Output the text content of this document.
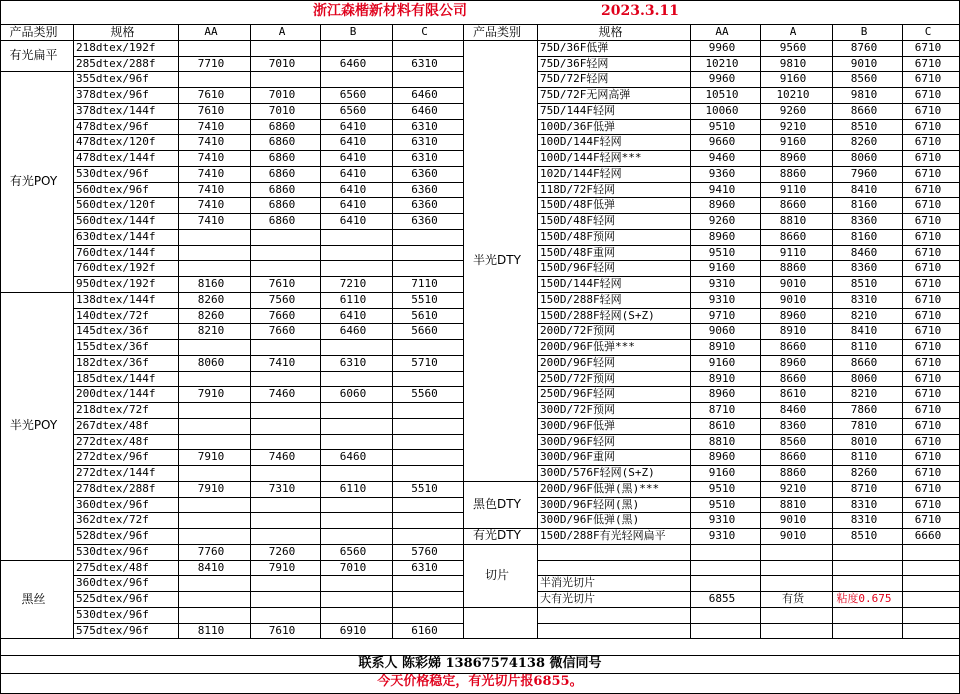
浙江森楷新材料有限公司	2023.3.11
联系人 陈彩娣 13867574138 微信同号
今天价格稳定，有光切片报6855。
产品类别	规格	AA	A	B	C	产品类别	规格	AA	A	B	C
218dtex/192f
285dtex/288f	7710	7010	6460	6310
有光扁平
355dtex/96f
378dtex/96f	7610	7010	6560	6460
378dtex/144f	7610	7010	6560	6460
478dtex/96f	7410	6860	6410	6310
478dtex/120f	7410	6860	6410	6310
478dtex/144f	7410	6860	6410	6310
530dtex/96f	7410	6860	6410	6360
560dtex/96f	7410	6860	6410	6360
560dtex/120f	7410	6860	6410	6360
560dtex/144f	7410	6860	6410	6360
630dtex/144f
760dtex/144f
760dtex/192f
950dtex/192f	8160	7610	7210	7110
有光POY
138dtex/144f	8260	7560	6110	5510
140dtex/72f	8260	7660	6410	5610
145dtex/36f	8210	7660	6460	5660
155dtex/36f
182dtex/36f	8060	7410	6310	5710
185dtex/144f
200dtex/144f	7910	7460	6060	5560
218dtex/72f
267dtex/48f
272dtex/48f
272dtex/96f	7910	7460	6460
272dtex/144f
278dtex/288f	7910	7310	6110	5510
360dtex/96f
362dtex/72f
528dtex/96f
530dtex/96f	7760	7260	6560	5760
半光POY
275dtex/48f	8410	7910	7010	6310
360dtex/96f
525dtex/96f
530dtex/96f
575dtex/96f	8110	7610	6910	6160
黑丝
75D/36F低弹	9960	9560	8760	6710
75D/36F轻网	10210	9810	9010	6710
75D/72F轻网	9960	9160	8560	6710
75D/72F无网高弹	10510	10210	9810	6710
75D/144F轻网	10060	9260	8660	6710
100D/36F低弹	9510	9210	8510	6710
100D/144F轻网	9660	9160	8260	6710
100D/144F轻网***	9460	8960	8060	6710
102D/144F轻网	9360	8860	7960	6710
118D/72F轻网	9410	9110	8410	6710
150D/48F低弹	8960	8660	8160	6710
150D/48F轻网	9260	8810	8360	6710
150D/48F预网	8960	8660	8160	6710
150D/48F重网	9510	9110	8460	6710
150D/96F轻网	9160	8860	8360	6710
150D/144F轻网	9310	9010	8510	6710
150D/288F轻网	9310	9010	8310	6710
150D/288F轻网(S+Z)	9710	8960	8210	6710
200D/72F预网	9060	8910	8410	6710
200D/96F低弹***	8910	8660	8110	6710
200D/96F轻网	9160	8960	8660	6710
250D/72F预网	8910	8660	8060	6710
250D/96F轻网	8960	8610	8210	6710
300D/72F预网	8710	8460	7860	6710
300D/96F低弹	8610	8360	7810	6710
300D/96F轻网	8810	8560	8010	6710
300D/96F重网	8960	8660	8110	6710
300D/576F轻网(S+Z)	9160	8860	8260	6710
半光DTY
200D/96F低弹(黑)***	9510	9210	8710	6710
300D/96F轻网(黑)	9510	8810	8310	6710
300D/96F低弹(黑)	9310	9010	8310	6710
黑色DTY
150D/288F有光轻网扁平	9310	9010	8510	6660
有光DTY
半消光切片
大有光切片	6855	有货	粘度0.675
切片
